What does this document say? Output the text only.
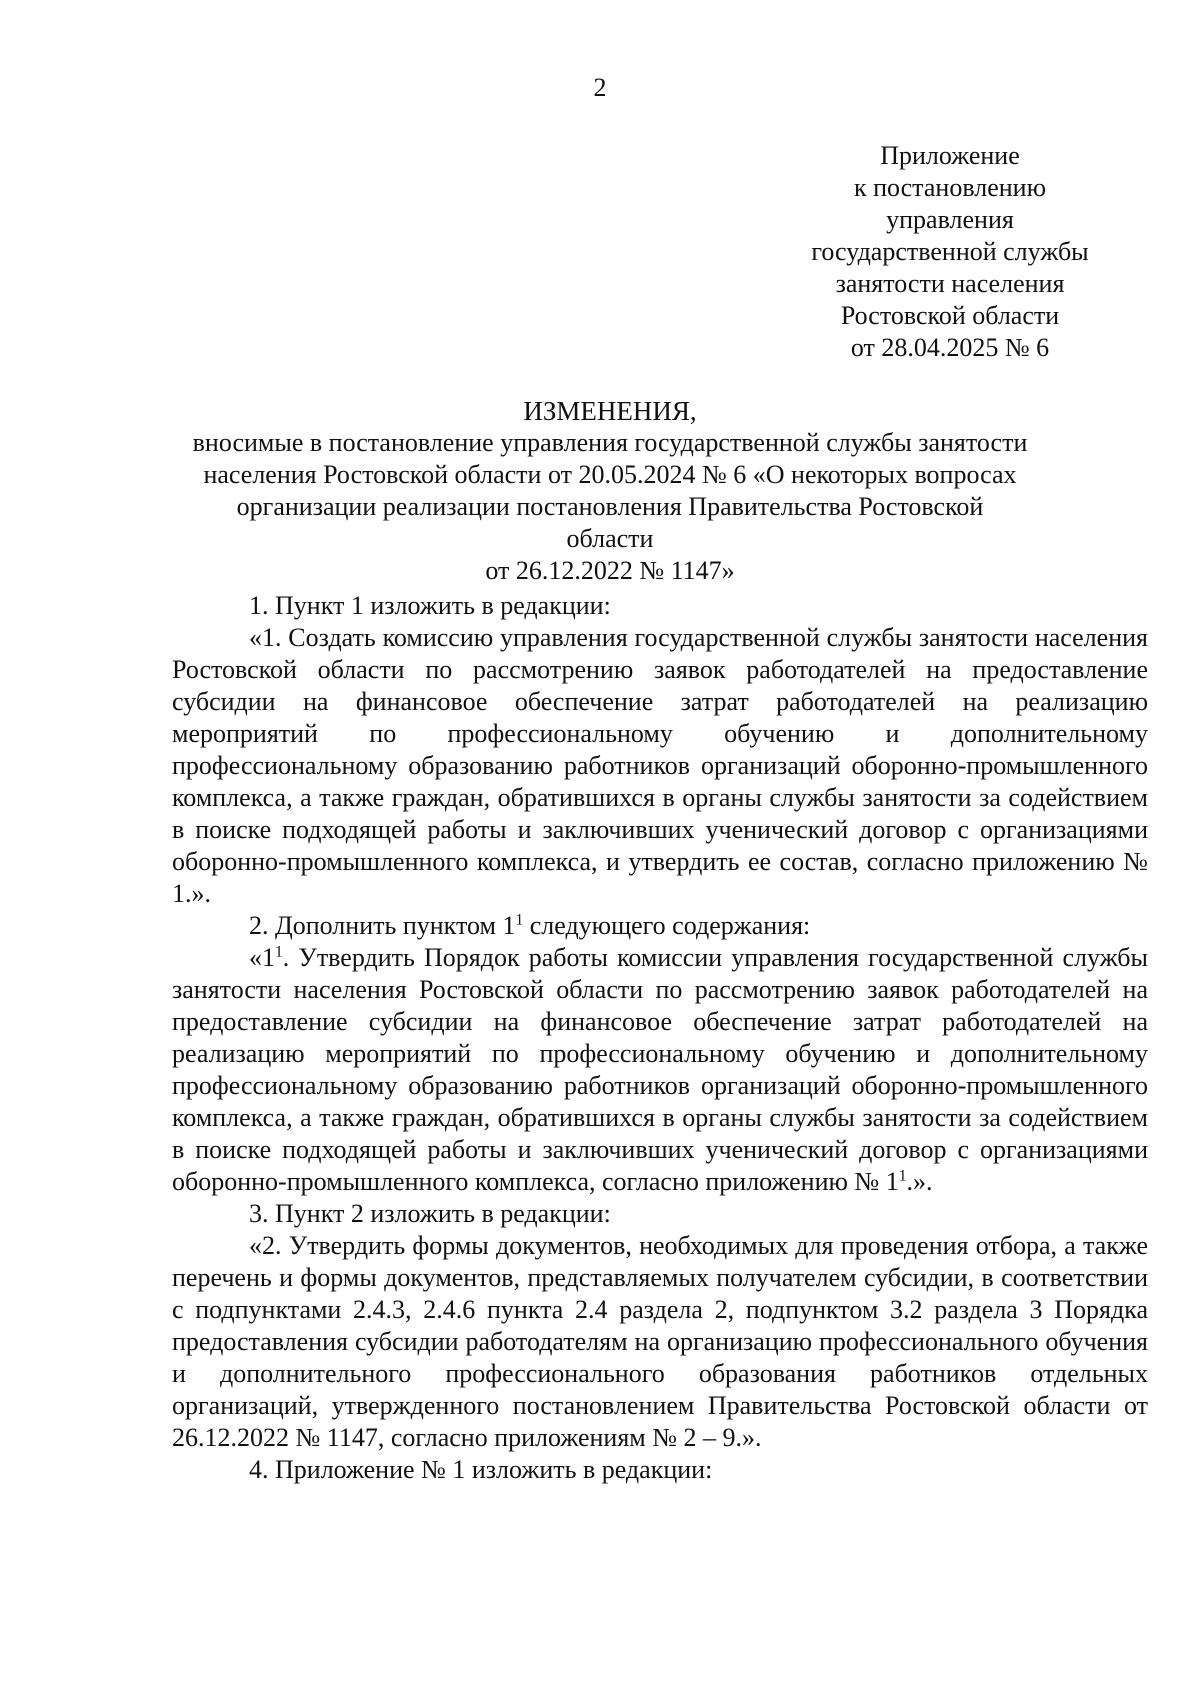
2
Приложение
к постановлению
управления
государственной службы
занятости населения
Ростовской области
от 28.04.2025 № 6
ИЗМЕНЕНИЯ,
вносимые в постановление управления государственной службы занятости
населения Ростовской области от 20.05.2024 № 6 «О некоторых вопросах
организации реализации постановления Правительства Ростовской области
от 26.12.2022 № 1147»

1. Пункт 1 изложить в редакции:

«1. Создать комиссию управления государственной службы занятости населения Ростовской области по рассмотрению заявок работодателей на предоставление субсидии на финансовое обеспечение затрат работодателей на реализацию мероприятий по профессиональному обучению и дополнительному профессиональному образованию работников организаций оборонно-промышленного комплекса, а также граждан, обратившихся в органы службы занятости за содействием в поиске подходящей работы и заключивших ученический договор с организациями оборонно-промышленного комплекса, и утвердить ее состав, согласно приложению № 1.».

2. Дополнить пунктом $1^1$ следующего содержания:

«$1^1$. Утвердить Порядок работы комиссии управления государственной службы занятости населения Ростовской области по рассмотрению заявок работодателей на предоставление субсидии на финансовое обеспечение затрат работодателей на реализацию мероприятий по профессиональному обучению и дополнительному профессиональному образованию работников организаций оборонно-промышленного комплекса, а также граждан, обратившихся в органы службы занятости за содействием в поиске подходящей работы и заключивших ученический договор с организациями оборонно-промышленного комплекса, согласно приложению № $1^1$.».

3. Пункт 2 изложить в редакции:

«2. Утвердить формы документов, необходимых для проведения отбора, а также перечень и формы документов, представляемых получателем субсидии, в соответствии с подпунктами 2.4.3, 2.4.6 пункта 2.4 раздела 2, подпунктом 3.2 раздела 3 Порядка предоставления субсидии работодателям на организацию профессионального обучения и дополнительного профессионального образования работников отдельных организаций, утвержденного постановлением Правительства Ростовской области от 26.12.2022 № 1147, согласно приложениям № 2 – 9.».

4. Приложение № 1 изложить в редакции:
